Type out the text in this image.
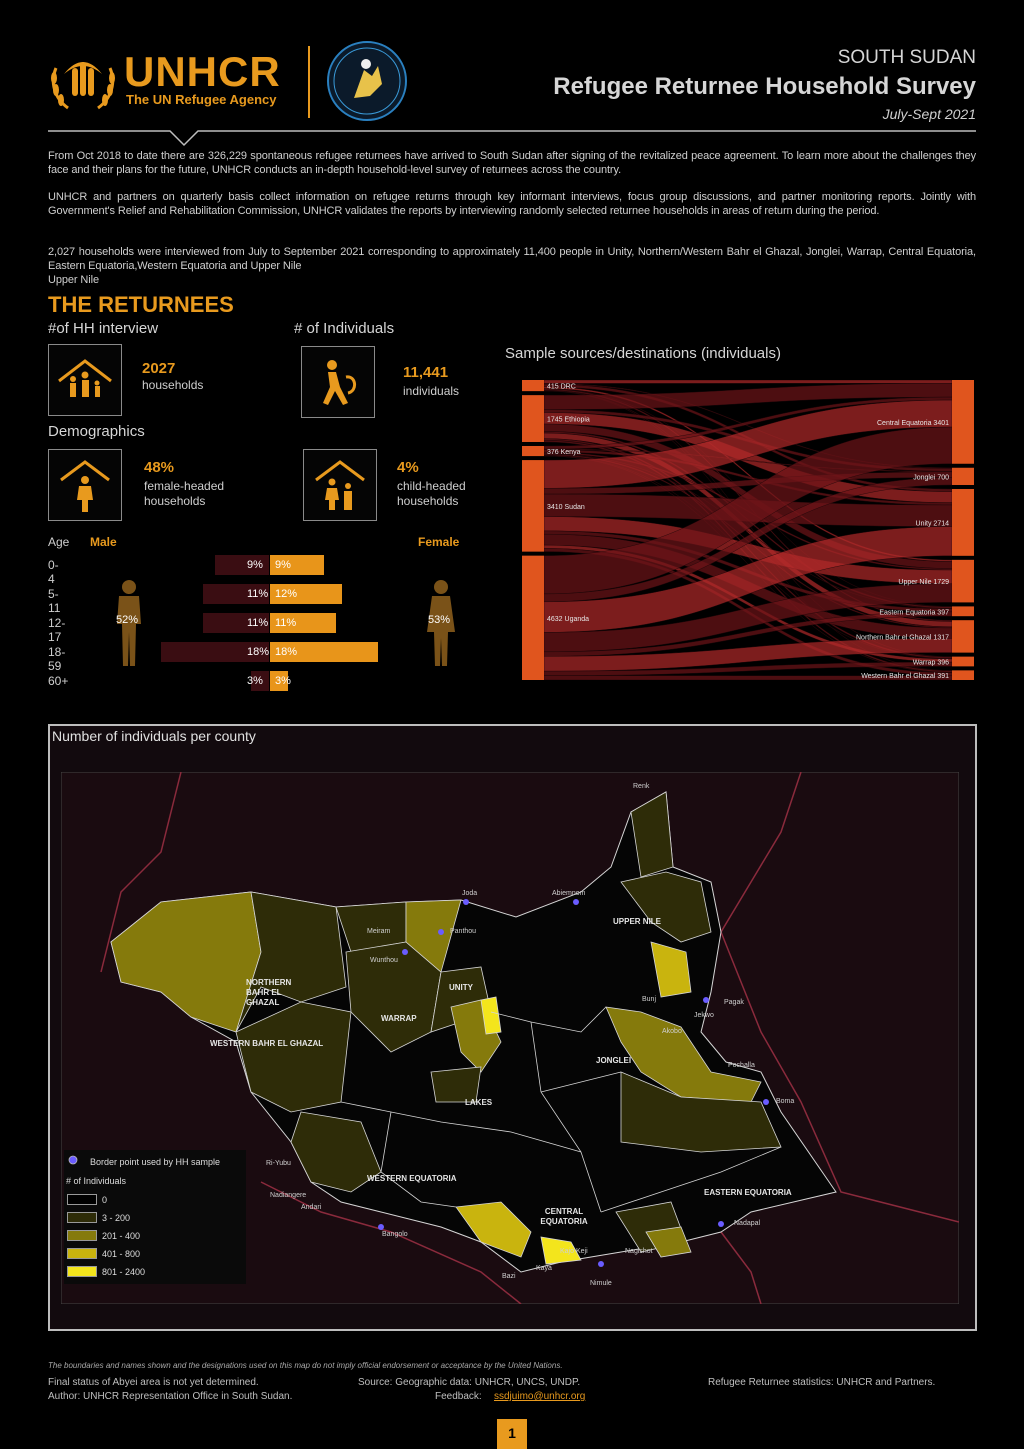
UNHCR
The UN Refugee Agency
SOUTH SUDAN
Refugee Returnee Household Survey
July-Sept 2021

From Oct 2018 to date there are 326,229 spontaneous refugee returnees have arrived to South Sudan after signing of the revitalized peace agreement. To learn more about the challenges they face and their plans for the future, UNHCR conducts an in-depth household-level survey of returnees across the country.

UNHCR and partners on quarterly basis collect information on refugee returns through key informant interviews, focus group discussions, and partner monitoring reports. Jointly with Government's Relief and Rehabilitation Commission, UNHCR validates the reports by interviewing randomly selected returnee households in areas of return during the period.

2,027 households were interviewed from July to September 2021 corresponding to approximately 11,400 people in Unity, Northern/Western Bahr el Ghazal, Jonglei, Warrap, Central Equatoria, Eastern Equatoria,Western Equatoria and Upper Nile

Upper Nile

THE RETURNEES
#of HH interview	# of Individuals
2027
households
11,441
individuals
Demographics
48%
female-headed
households
4%
child-headed
households
Age Male	Female
0-4
9% 9%
5-11
11% 12%
12-17
11% 11%
18-59
18% 18%
60+	3% 3%
52%	53%
Sample sources/destinations (individuals)
415 DRC
1745 Ethiopia
376 Kenya
3410 Sudan
4632 Uganda
Central Equatoria 3401
Jonglei 700
Unity 2714
Upper Nile 1729
Eastern Equatoria 397
Northern Bahr el Ghazal 1317
Warrap 396
Western Bahr el Ghazal 391
Number of individuals per county
UPPER NILE
NORTHERN BAHR EL GHAZAL
UNITY
WARRAP
WESTERN BAHR EL GHAZAL
JONGLEI
LAKES
WESTERN EQUATORIA
CENTRAL EQUATORIA
EASTERN EQUATORIA
Renk
Joda	Abiemnom
Meiram	Panthou
Wunthou
Bunj	Pagak
Jekwo
Akobo
Pochalla
Boma
Ri-Yubu
Nadiangere
Andari
Bangolo
Kajo Keji
Nimule
Kaya
Bazi
Nadapal
Nagishot
Border point used by HH sample
# of Individuals
0
3 - 200
201 - 400
401 - 800
801 - 2400
The boundaries and names shown and the designations used on this map do not imply official endorsement or acceptance by the United Nations.
Final status of Abyei area is not yet determined.
Author: UNHCR Representation Office in South Sudan.
Source: Geographic data: UNHCR, UNCS, UNDP.
Feedback: ssdjuimo@unhcr.org
Refugee Returnee statistics: UNHCR and Partners.
1
